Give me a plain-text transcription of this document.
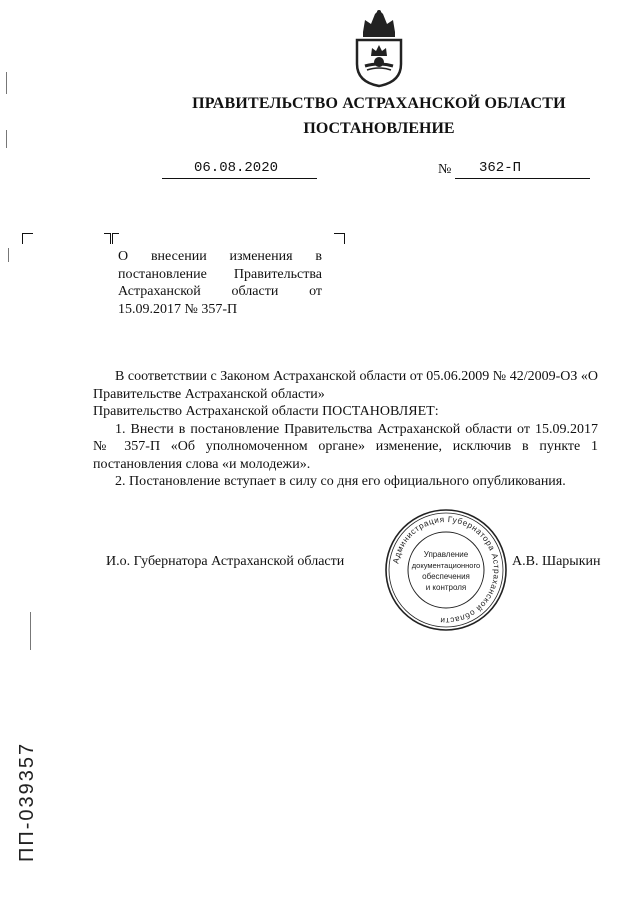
ПРАВИТЕЛЬСТВО АСТРАХАНСКОЙ ОБЛАСТИ
ПОСТАНОВЛЕНИЕ
06.08.2020	№ 362-П
О внесении изменения в
постановление Правительства
Астраханской области от
15.09.2017 № 357-П
В соответствии с Законом Астраханской области от 05.06.2009 № 42/2009-ОЗ «О Правительстве Астраханской области»
Правительство Астраханской области ПОСТАНОВЛЯЕТ:
1. Внести в постановление Правительства Астраханской области от 15.09.2017 № 357-П «Об уполномоченном органе» изменение, исключив в пункте 1 постановления слова «и молодежи».
2. Постановление вступает в силу со дня его официального опубликования.
И.о. Губернатора Астраханской области	А.В. Шарыкин
Администрация Губернатора Астраханской области
Управление
документационного
обеспечения
и контроля
ПП-039357
